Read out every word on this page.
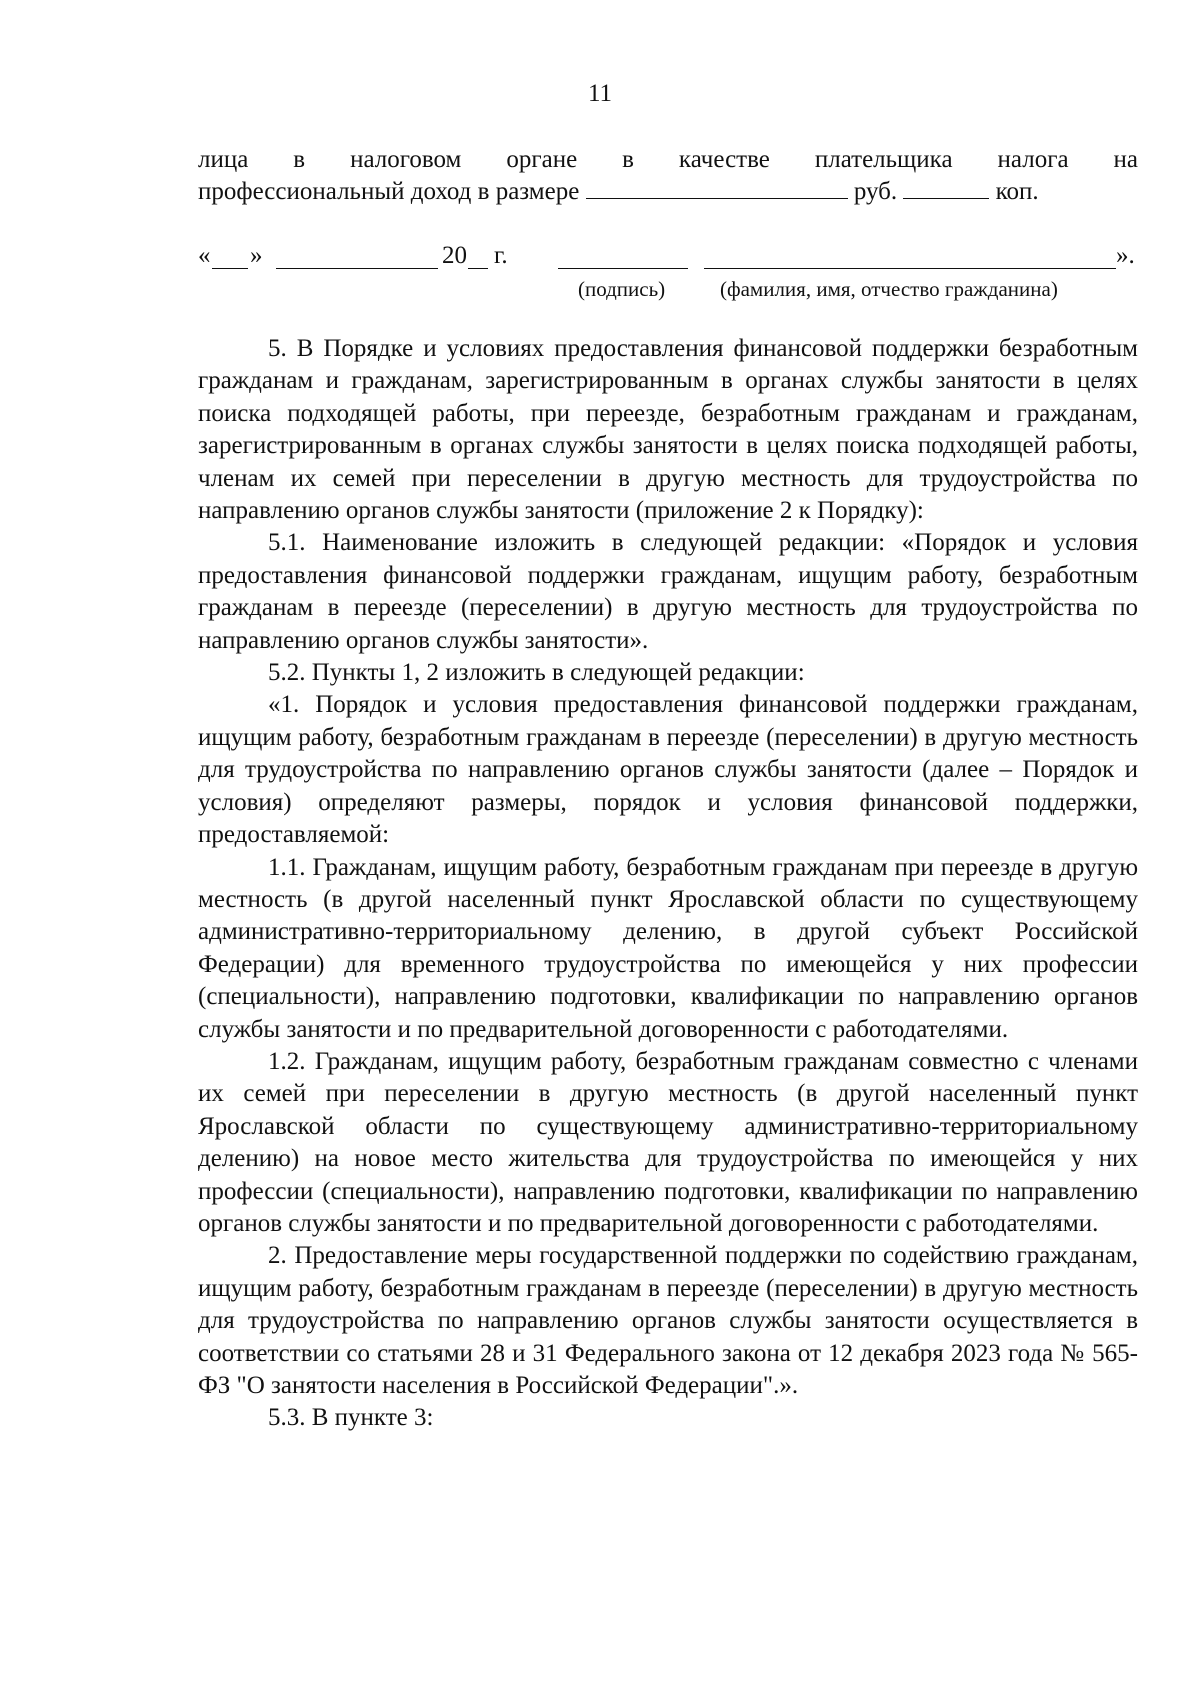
11
лица в налоговом органе в качестве плательщика налога на
профессиональный доход в размере	руб.	коп.
« »	20 г.	».
(подпись)	(фамилия, имя, отчество гражданина)

5. В Порядке и условиях предоставления финансовой поддержки безработным гражданам и гражданам, зарегистрированным в органах службы занятости в целях поиска подходящей работы, при переезде, безработным гражданам и гражданам, зарегистрированным в органах службы занятости в целях поиска подходящей работы, членам их семей при переселении в другую местность для трудоустройства по направлению органов службы занятости (приложение 2 к Порядку):

5.1. Наименование изложить в следующей редакции: «Порядок и условия предоставления финансовой поддержки гражданам, ищущим работу, безработным гражданам в переезде (переселении) в другую местность для трудоустройства по направлению органов службы занятости».

5.2. Пункты 1, 2 изложить в следующей редакции:

«1. Порядок и условия предоставления финансовой поддержки гражданам, ищущим работу, безработным гражданам в переезде (переселении) в другую местность для трудоустройства по направлению органов службы занятости (далее – Порядок и условия) определяют размеры, порядок и условия финансовой поддержки, предоставляемой:

1.1. Гражданам, ищущим работу, безработным гражданам при переезде в другую местность (в другой населенный пункт Ярославской области по существующему административно-территориальному делению, в другой субъект Российской Федерации) для временного трудоустройства по имеющейся у них профессии (специальности), направлению подготовки, квалификации по направлению органов службы занятости и по предварительной договоренности с работодателями.

1.2. Гражданам, ищущим работу, безработным гражданам совместно с членами их семей при переселении в другую местность (в другой населенный пункт Ярославской области по существующему административно-территориальному делению) на новое место жительства для трудоустройства по имеющейся у них профессии (специальности), направлению подготовки, квалификации по направлению органов службы занятости и по предварительной договоренности с работодателями.

2. Предоставление меры государственной поддержки по содействию гражданам, ищущим работу, безработным гражданам в переезде (переселении) в другую местность для трудоустройства по направлению органов службы занятости осуществляется в соответствии со статьями 28 и 31 Федерального закона от 12 декабря 2023 года № 565-ФЗ "О занятости населения в Российской Федерации".».

5.3. В пункте 3:
